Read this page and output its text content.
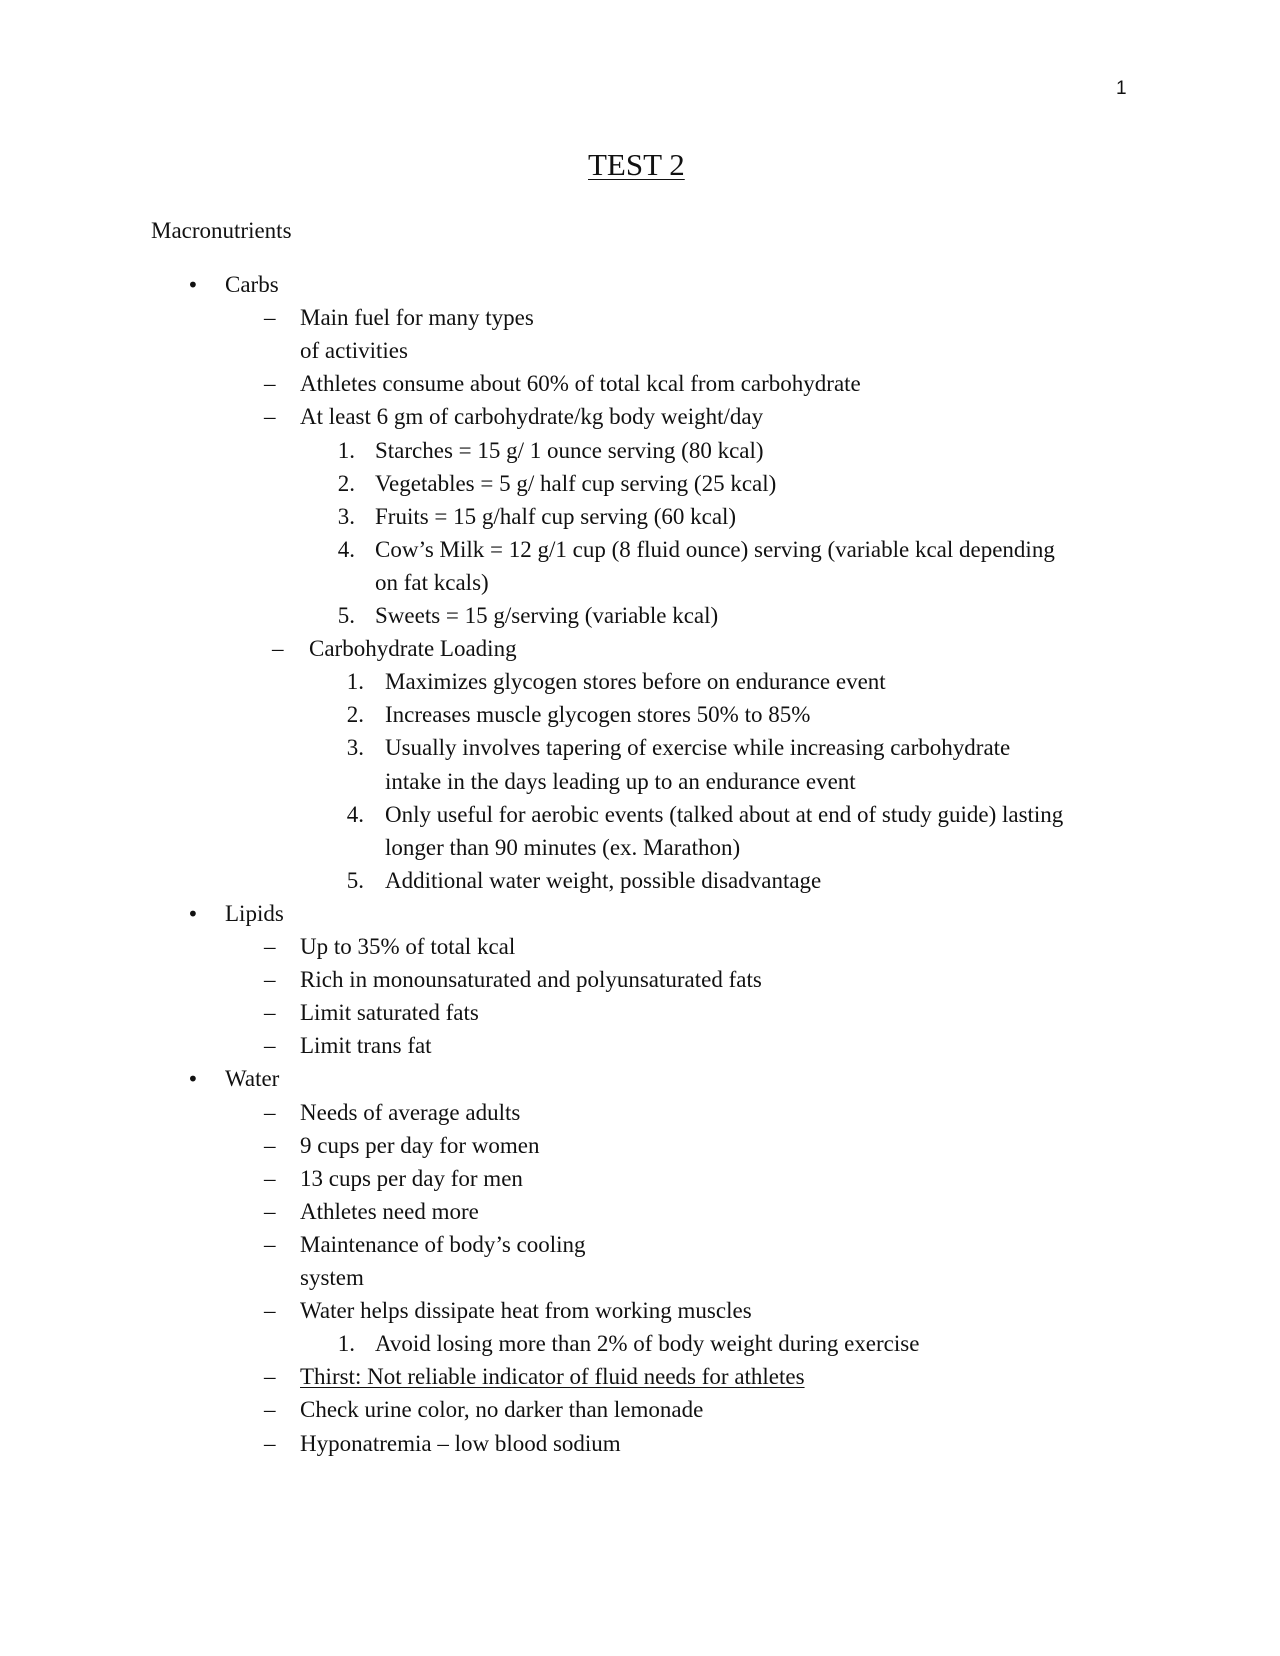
1
TEST 2
Macronutrients
• Carbs
– Main fuel for many types
of activities
– Athletes consume about 60% of total kcal from carbohydrate
– At least 6 gm of carbohydrate/kg body weight/day
1. Starches = 15 g/ 1 ounce serving (80 kcal)
2. Vegetables = 5 g/ half cup serving (25 kcal)
3. Fruits = 15 g/half cup serving (60 kcal)
4. Cow’s Milk = 12 g/1 cup (8 fluid ounce) serving (variable kcal depending
on fat kcals)
5. Sweets = 15 g/serving (variable kcal)
– Carbohydrate Loading
1. Maximizes glycogen stores before on endurance event
2. Increases muscle glycogen stores 50% to 85%
3. Usually involves tapering of exercise while increasing carbohydrate
intake in the days leading up to an endurance event
4. Only useful for aerobic events (talked about at end of study guide) lasting
longer than 90 minutes (ex. Marathon)
5. Additional water weight, possible disadvantage
• Lipids
– Up to 35% of total kcal
– Rich in monounsaturated and polyunsaturated fats
– Limit saturated fats
– Limit trans fat
• Water
– Needs of average adults
– 9 cups per day for women
– 13 cups per day for men
– Athletes need more
– Maintenance of body’s cooling
system
– Water helps dissipate heat from working muscles
1. Avoid losing more than 2% of body weight during exercise
– Thirst: Not reliable indicator of fluid needs for athletes
– Check urine color, no darker than lemonade
– Hyponatremia – low blood sodium
